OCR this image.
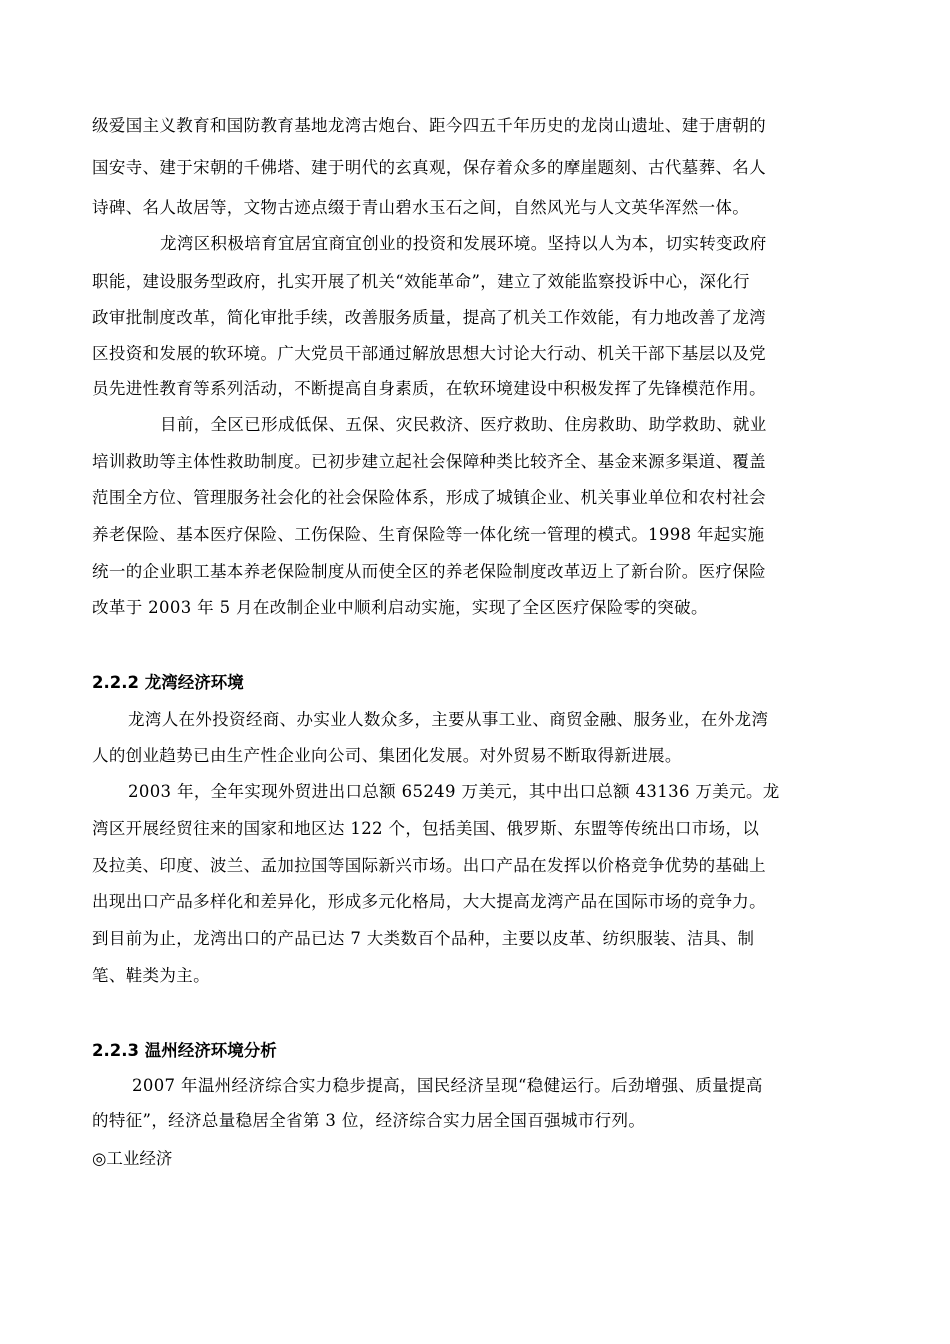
级爱国主义教育和国防教育基地龙湾古炮台、距今四五千年历史的龙岗山遗址、建于唐朝的
国安寺、建于宋朝的千佛塔、建于明代的玄真观，保存着众多的摩崖题刻、古代墓葬、名人
诗碑、名人故居等，文物古迹点缀于青山碧水玉石之间，自然风光与人文英华浑然一体。
龙湾区积极培育宜居宜商宜创业的投资和发展环境。坚持以人为本，切实转变政府
职能，建设服务型政府，扎实开展了机关“效能革命”，建立了效能监察投诉中心，深化行
政审批制度改革，简化审批手续，改善服务质量，提高了机关工作效能，有力地改善了龙湾
区投资和发展的软环境。广大党员干部通过解放思想大讨论大行动、机关干部下基层以及党
员先进性教育等系列活动，不断提高自身素质，在软环境建设中积极发挥了先锋模范作用。
目前，全区已形成低保、五保、灾民救济、医疗救助、住房救助、助学救助、就业
培训救助等主体性救助制度。已初步建立起社会保障种类比较齐全、基金来源多渠道、覆盖
范围全方位、管理服务社会化的社会保险体系，形成了城镇企业、机关事业单位和农村社会
养老保险、基本医疗保险、工伤保险、生育保险等一体化统一管理的模式。1998 年起实施
统一的企业职工基本养老保险制度从而使全区的养老保险制度改革迈上了新台阶。医疗保险
改革于 2003 年 5 月在改制企业中顺利启动实施，实现了全区医疗保险零的突破。
2.2.2 龙湾经济环境
龙湾人在外投资经商、办实业人数众多，主要从事工业、商贸金融、服务业，在外龙湾
人的创业趋势已由生产性企业向公司、集团化发展。对外贸易不断取得新进展。
2003 年，全年实现外贸进出口总额 65249 万美元，其中出口总额 43136 万美元。龙
湾区开展经贸往来的国家和地区达 122 个，包括美国、俄罗斯、东盟等传统出口市场，以
及拉美、印度、波兰、孟加拉国等国际新兴市场。出口产品在发挥以价格竞争优势的基础上
出现出口产品多样化和差异化，形成多元化格局，大大提高龙湾产品在国际市场的竞争力。
到目前为止，龙湾出口的产品已达 7 大类数百个品种，主要以皮革、纺织服装、洁具、制
笔、鞋类为主。
2.2.3 温州经济环境分析
2007 年温州经济综合实力稳步提高，国民经济呈现“稳健运行。后劲增强、质量提高
的特征”，经济总量稳居全省第 3 位，经济综合实力居全国百强城市行列。
◎工业经济
